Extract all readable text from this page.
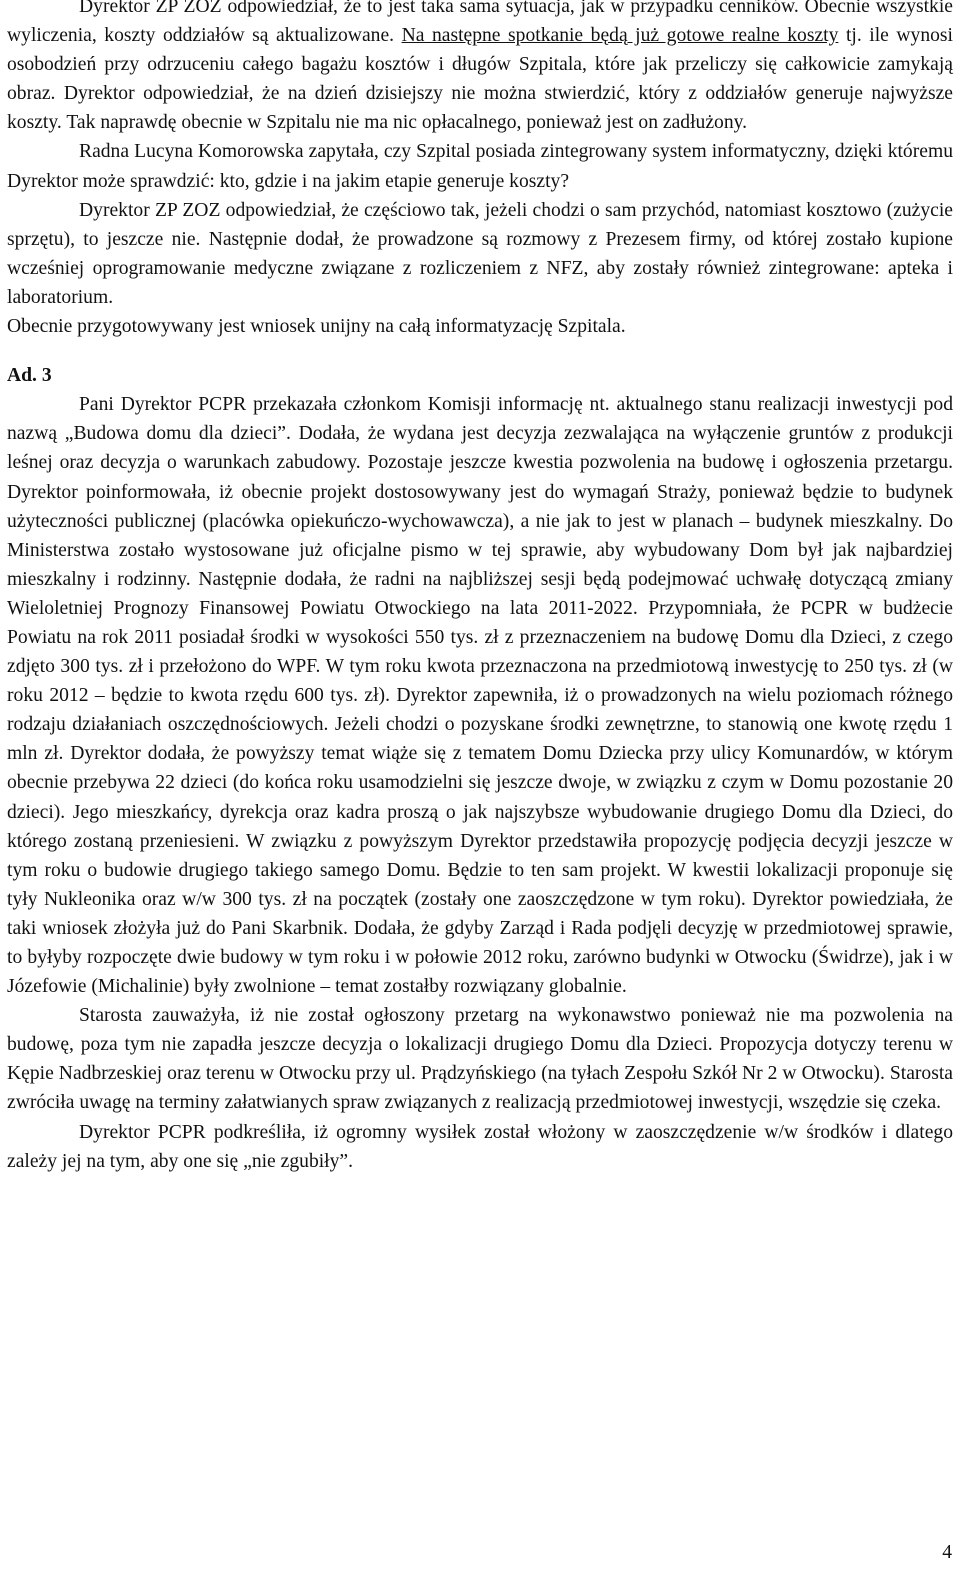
Dyrektor ZP ZOZ odpowiedział, że to jest taka sama sytuacja, jak w przypadku cenników. Obecnie wszystkie wyliczenia, koszty oddziałów są aktualizowane. Na następne spotkanie będą już gotowe realne koszty tj. ile wynosi osobodzień przy odrzuceniu całego bagażu kosztów i długów Szpitala, które jak przeliczy się całkowicie zamykają obraz. Dyrektor odpowiedział, że na dzień dzisiejszy nie można stwierdzić, który z oddziałów generuje najwyższe koszty. Tak naprawdę obecnie w Szpitalu nie ma nic opłacalnego, ponieważ jest on zadłużony.

Radna Lucyna Komorowska zapytała, czy Szpital posiada zintegrowany system informatyczny, dzięki któremu Dyrektor może sprawdzić: kto, gdzie i na jakim etapie generuje koszty?

Dyrektor ZP ZOZ odpowiedział, że częściowo tak, jeżeli chodzi o sam przychód, natomiast kosztowo (zużycie sprzętu), to jeszcze nie. Następnie dodał, że prowadzone są rozmowy z Prezesem firmy, od której zostało kupione wcześniej oprogramowanie medyczne związane z rozliczeniem z NFZ, aby zostały również zintegrowane: apteka i laboratorium.

Obecnie przygotowywany jest wniosek unijny na całą informatyzację Szpitala.

Ad. 3

Pani Dyrektor PCPR przekazała członkom Komisji informację nt. aktualnego stanu realizacji inwestycji pod nazwą „Budowa domu dla dzieci”. Dodała, że wydana jest decyzja zezwalająca na wyłączenie gruntów z produkcji leśnej oraz decyzja o warunkach zabudowy. Pozostaje jeszcze kwestia pozwolenia na budowę i ogłoszenia przetargu. Dyrektor poinformowała, iż obecnie projekt dostosowywany jest do wymagań Straży, ponieważ będzie to budynek użyteczności publicznej (placówka opiekuńczo-wychowawcza), a nie jak to jest w planach – budynek mieszkalny. Do Ministerstwa zostało wystosowane już oficjalne pismo w tej sprawie, aby wybudowany Dom był jak najbardziej mieszkalny i rodzinny. Następnie dodała, że radni na najbliższej sesji będą podejmować uchwałę dotyczącą zmiany Wieloletniej Prognozy Finansowej Powiatu Otwockiego na lata 2011-2022. Przypomniała, że PCPR w budżecie Powiatu na rok 2011 posiadał środki w wysokości 550 tys. zł z przeznaczeniem na budowę Domu dla Dzieci, z czego zdjęto 300 tys. zł i przełożono do WPF. W tym roku kwota przeznaczona na przedmiotową inwestycję to 250 tys. zł (w roku 2012 – będzie to kwota rzędu 600 tys. zł). Dyrektor zapewniła, iż o prowadzonych na wielu poziomach różnego rodzaju działaniach oszczędnościowych. Jeżeli chodzi o pozyskane środki zewnętrzne, to stanowią one kwotę rzędu 1 mln zł. Dyrektor dodała, że powyższy temat wiąże się z tematem Domu Dziecka przy ulicy Komunardów, w którym obecnie przebywa 22 dzieci (do końca roku usamodzielni się jeszcze dwoje, w związku z czym w Domu pozostanie 20 dzieci). Jego mieszkańcy, dyrekcja oraz kadra proszą o jak najszybsze wybudowanie drugiego Domu dla Dzieci, do którego zostaną przeniesieni. W związku z powyższym Dyrektor przedstawiła propozycję podjęcia decyzji jeszcze w tym roku o budowie drugiego takiego samego Domu. Będzie to ten sam projekt. W kwestii lokalizacji proponuje się tyły Nukleonika oraz w/w 300 tys. zł na początek (zostały one zaoszczędzone w tym roku). Dyrektor powiedziała, że taki wniosek złożyła już do Pani Skarbnik. Dodała, że gdyby Zarząd i Rada podjęli decyzję w przedmiotowej sprawie, to byłyby rozpoczęte dwie budowy w tym roku i w połowie 2012 roku, zarówno budynki w Otwocku (Świdrze), jak i w Józefowie (Michalinie) były zwolnione – temat zostałby rozwiązany globalnie.

Starosta zauważyła, iż nie został ogłoszony przetarg na wykonawstwo ponieważ nie ma pozwolenia na budowę, poza tym nie zapadła jeszcze decyzja o lokalizacji drugiego Domu dla Dzieci. Propozycja dotyczy terenu w Kępie Nadbrzeskiej oraz terenu w Otwocku przy ul. Prądzyńskiego (na tyłach Zespołu Szkół Nr 2 w Otwocku). Starosta zwróciła uwagę na terminy załatwianych spraw związanych z realizacją przedmiotowej inwestycji, wszędzie się czeka.

Dyrektor PCPR podkreśliła, iż ogromny wysiłek został włożony w zaoszczędzenie w/w środków i dlatego zależy jej na tym, aby one się „nie zgubiły”.

4
